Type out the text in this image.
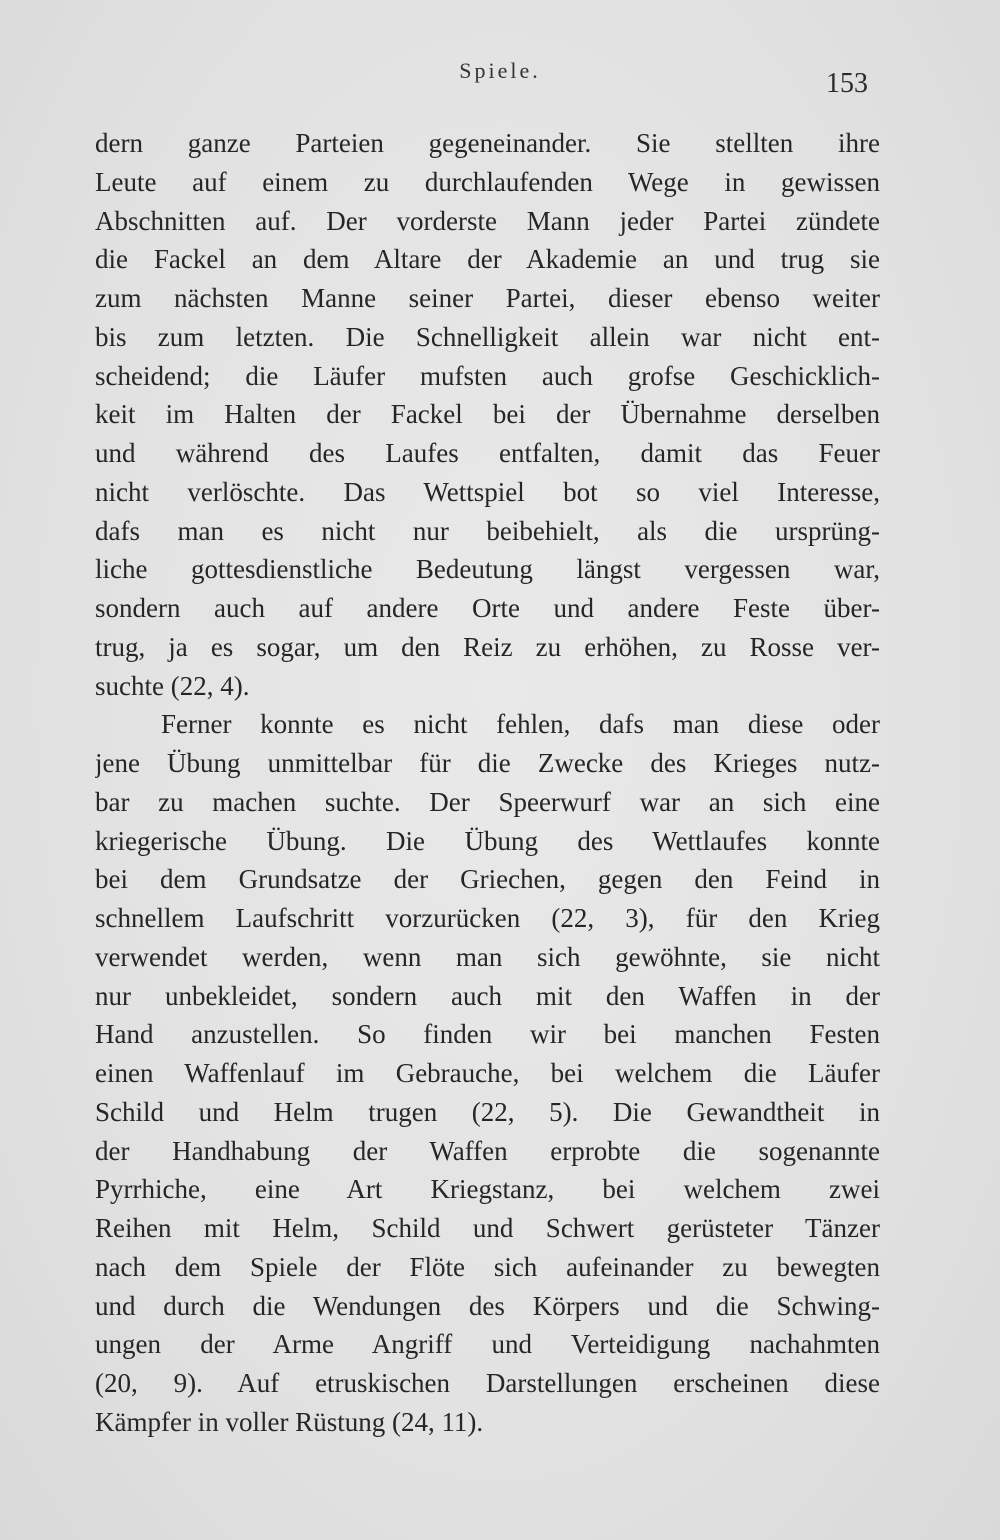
Spiele.	153
dern ganze Parteien gegeneinander. Sie stellten ihre
Leute auf einem zu durchlaufenden Wege in gewissen
Abschnitten auf. Der vorderste Mann jeder Partei zündete
die Fackel an dem Altare der Akademie an und trug sie
zum nächsten Manne seiner Partei, dieser ebenso weiter
bis zum letzten. Die Schnelligkeit allein war nicht ent-
scheidend; die Läufer mufsten auch grofse Geschicklich-
keit im Halten der Fackel bei der Übernahme derselben
und während des Laufes entfalten, damit das Feuer
nicht verlöschte. Das Wettspiel bot so viel Interesse,
dafs man es nicht nur beibehielt, als die ursprüng-
liche gottesdienstliche Bedeutung längst vergessen war,
sondern auch auf andere Orte und andere Feste über-
trug, ja es sogar, um den Reiz zu erhöhen, zu Rosse ver-
suchte (22, 4).
Ferner konnte es nicht fehlen, dafs man diese oder
jene Übung unmittelbar für die Zwecke des Krieges nutz-
bar zu machen suchte. Der Speerwurf war an sich eine
kriegerische Übung. Die Übung des Wettlaufes konnte
bei dem Grundsatze der Griechen, gegen den Feind in
schnellem Laufschritt vorzurücken (22, 3), für den Krieg
verwendet werden, wenn man sich gewöhnte, sie nicht
nur unbekleidet, sondern auch mit den Waffen in der
Hand anzustellen. So finden wir bei manchen Festen
einen Waffenlauf im Gebrauche, bei welchem die Läufer
Schild und Helm trugen (22, 5). Die Gewandtheit in
der Handhabung der Waffen erprobte die sogenannte
Pyrrhiche, eine Art Kriegstanz, bei welchem zwei
Reihen mit Helm, Schild und Schwert gerüsteter Tänzer
nach dem Spiele der Flöte sich aufeinander zu bewegten
und durch die Wendungen des Körpers und die Schwing-
ungen der Arme Angriff und Verteidigung nachahmten
(20, 9). Auf etruskischen Darstellungen erscheinen diese
Kämpfer in voller Rüstung (24, 11).
